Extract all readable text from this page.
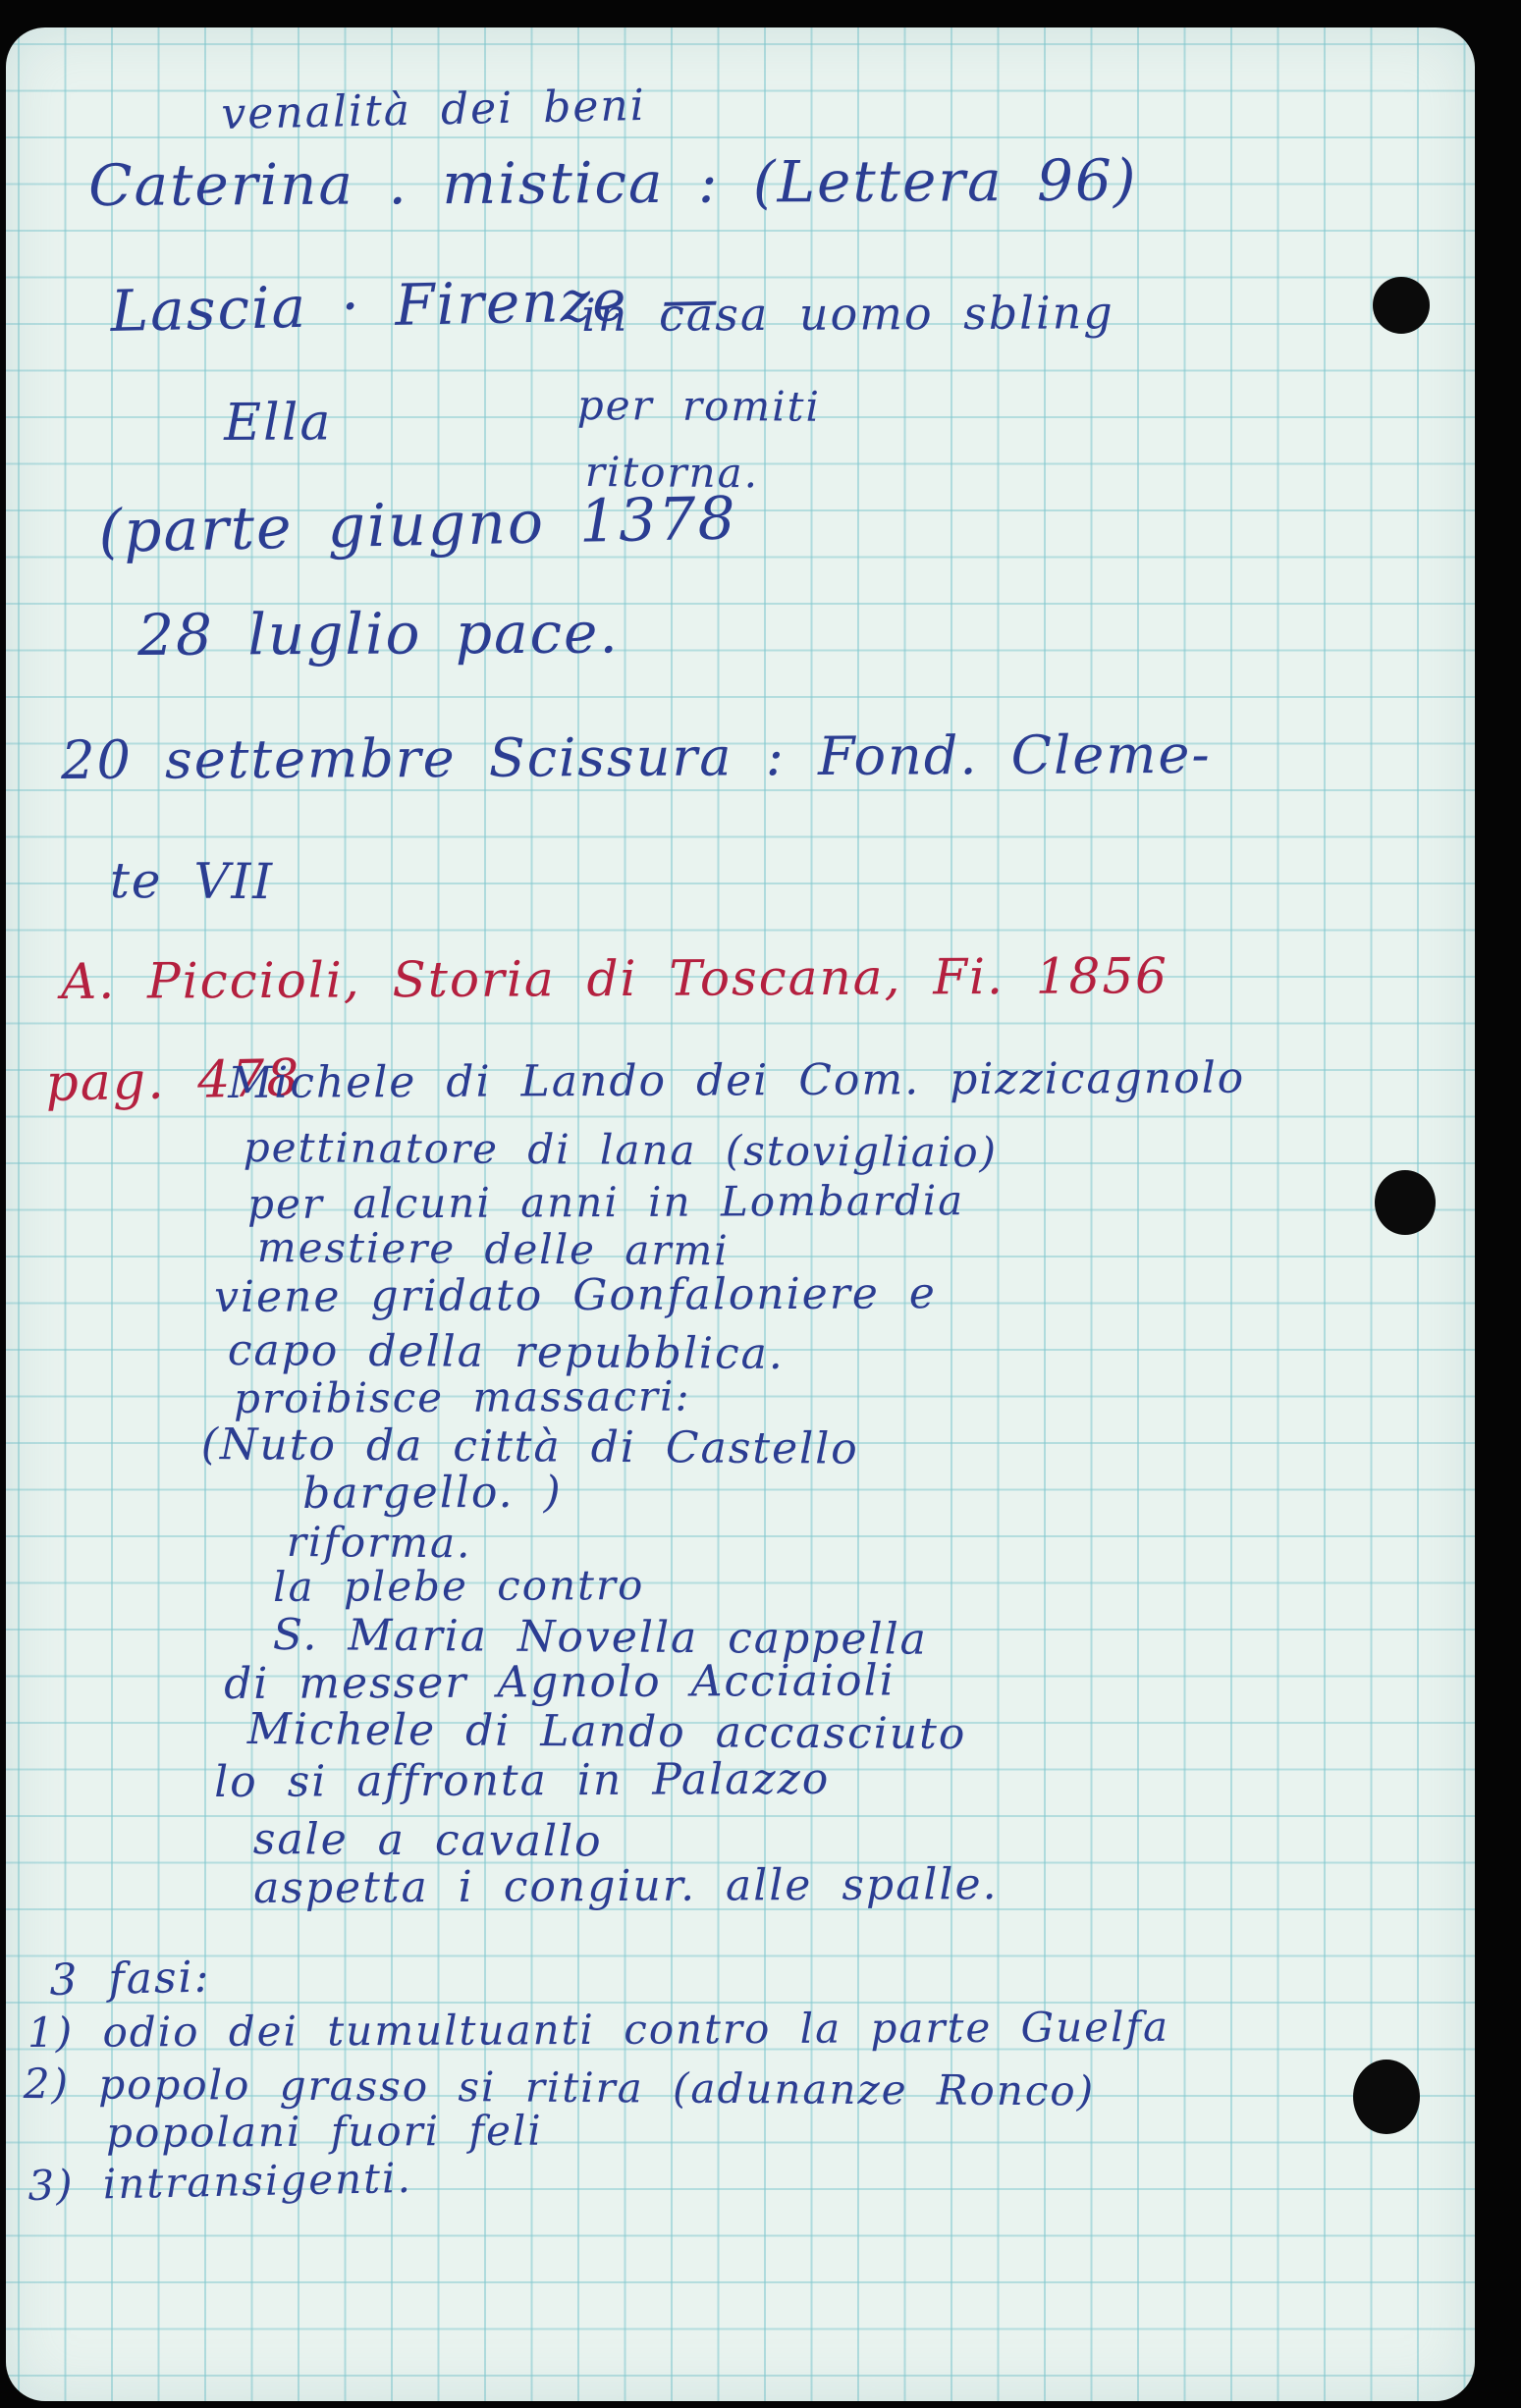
venalità dei beni
Caterina . mistica : (Lettera 96)
Lascia · Firenze —
in casa uomo sbling
per romiti
Ella
ritorna.
(parte giugno 1378
28 luglio pace.
20 settembre Scissura : Fond. Cleme-
te VII
A. Piccioli, Storia di Toscana, Fi. 1856
pag. 478
Michele di Lando dei Com. pizzicagnolo
pettinatore di lana (stovigliaio)
per alcuni anni in Lombardia
mestiere delle armi
viene gridato Gonfaloniere e
capo della repubblica.
proibisce massacri:
(Nuto da città di Castello
bargello. )
riforma.
la plebe contro
S. Maria Novella cappella
di messer Agnolo Acciaioli
Michele di Lando accasciuto
lo si affronta in Palazzo
sale a cavallo
aspetta i congiur. alle spalle.
3 fasi:
1) odio dei tumultuanti contro la parte Guelfa
2) popolo grasso si ritira (adunanze Ronco)
popolani fuori feli
3) intransigenti.
